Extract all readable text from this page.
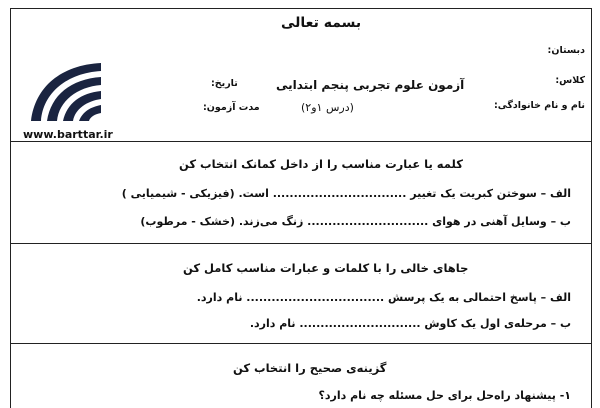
بسمه تعالی
دبستان:
کلاس:
نام و نام خانوادگی:
آزمون علوم تجربی پنجم ابتدایی
(درس ۱و۲)
تاریخ:
مدت آزمون:
www.barttar.ir
کلمه یا عبارت مناسب را از داخل کمانک انتخاب کن
الف – سوختن کبریت یک تغییر ................................ است. (فیزیکی - شیمیایی )
ب – وسایل آهنی در هوای ............................. زنگ می‌زند. (خشک - مرطوب)
جاهای خالی را با کلمات و عبارات مناسب کامل کن
الف – پاسخ احتمالی به یک پرسش ................................. نام دارد.
ب – مرحله‌ی اول یک کاوش ............................. نام دارد.
گزینه‌ی صحیح را انتخاب کن
۱- پیشنهاد راه‌حل برای حل مسئله چه نام دارد؟
